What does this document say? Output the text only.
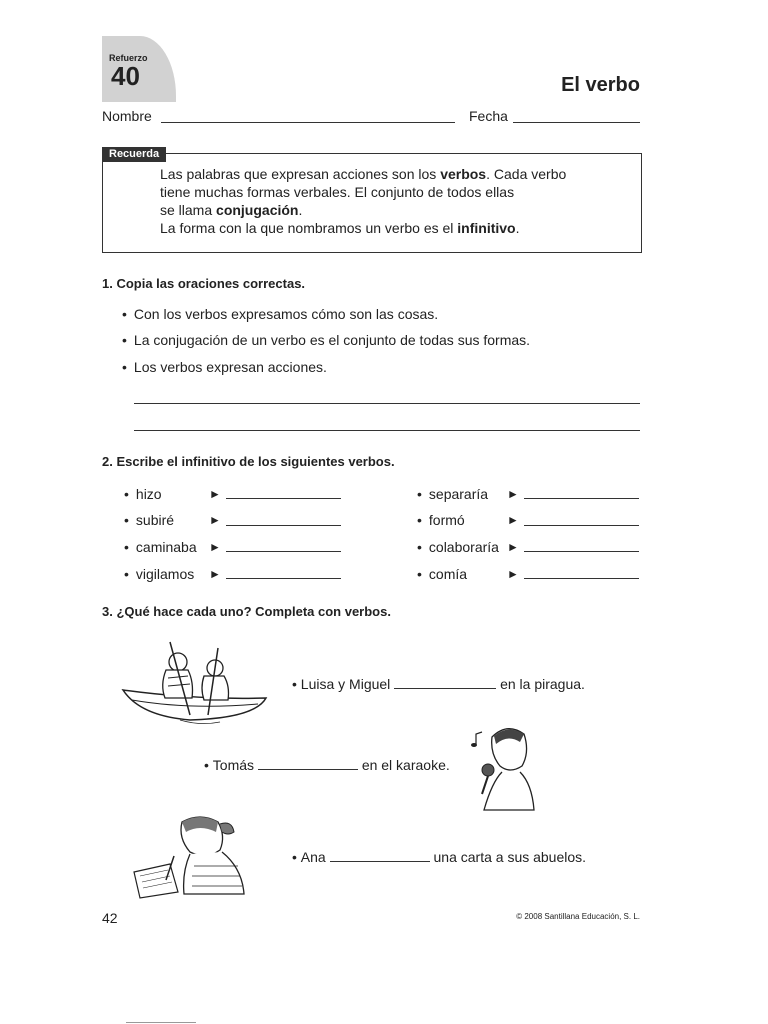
Refuerzo
40	El verbo
Nombre	Fecha
Recuerda
Las palabras que expresan acciones son los verbos. Cada verbo
tiene muchas formas verbales. El conjunto de todos ellas
se llama conjugación.
La forma con la que nombramos un verbo es el infinitivo.
1. Copia las oraciones correctas.
• Con los verbos expresamos cómo son las cosas.
• La conjugación de un verbo es el conjunto de todas sus formas.
• Los verbos expresan acciones.
2. Escribe el infinitivo de los siguientes verbos.
• hizo	►
• subiré	►
• caminaba ►
• vigilamos ►
• separaría ►
• formó	►
• colaboraría ►
• comía	►
3. ¿Qué hace cada uno? Completa con verbos.
• Luisa y Miguel	en la piragua.
• Tomás	en el karaoke.
• Ana	una carta a sus abuelos.
42	© 2008 Santillana Educación, S. L.
